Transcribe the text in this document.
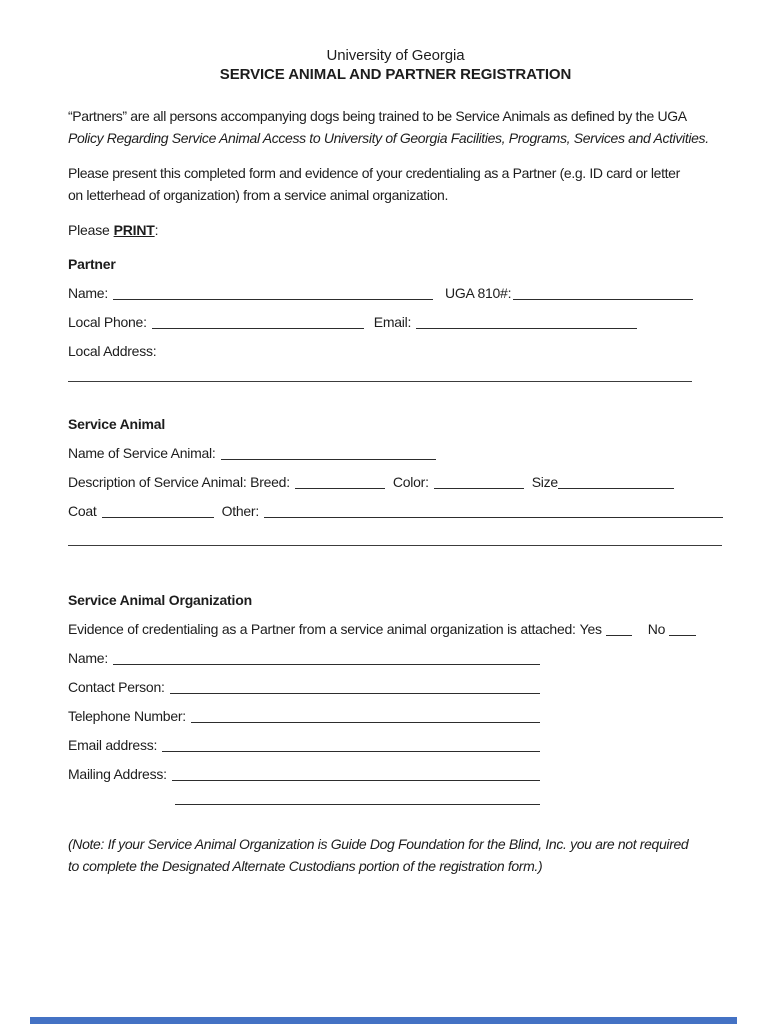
University of Georgia
SERVICE ANIMAL AND PARTNER REGISTRATION
“Partners” are all persons accompanying dogs being trained to be Service Animals as defined by the UGA
Policy Regarding Service Animal Access to University of Georgia Facilities, Programs, Services and Activities.
Please present this completed form and evidence of your credentialing as a Partner (e.g. ID card or letter
on letterhead of organization) from a service animal organization.
Please PRINT:
Partner
Name:	UGA 810#:
Local Phone:	Email:
Local Address:
Service Animal
Name of Service Animal:
Description of Service Animal: Breed:	Color:	Size
Coat	Other:
Service Animal Organization
Evidence of credentialing as a Partner from a service animal organization is attached: Yes	No
Name:
Contact Person:
Telephone Number:
Email address:
Mailing Address:
(Note: If your Service Animal Organization is Guide Dog Foundation for the Blind, Inc. you are not required
to complete the Designated Alternate Custodians portion of the registration form.)
